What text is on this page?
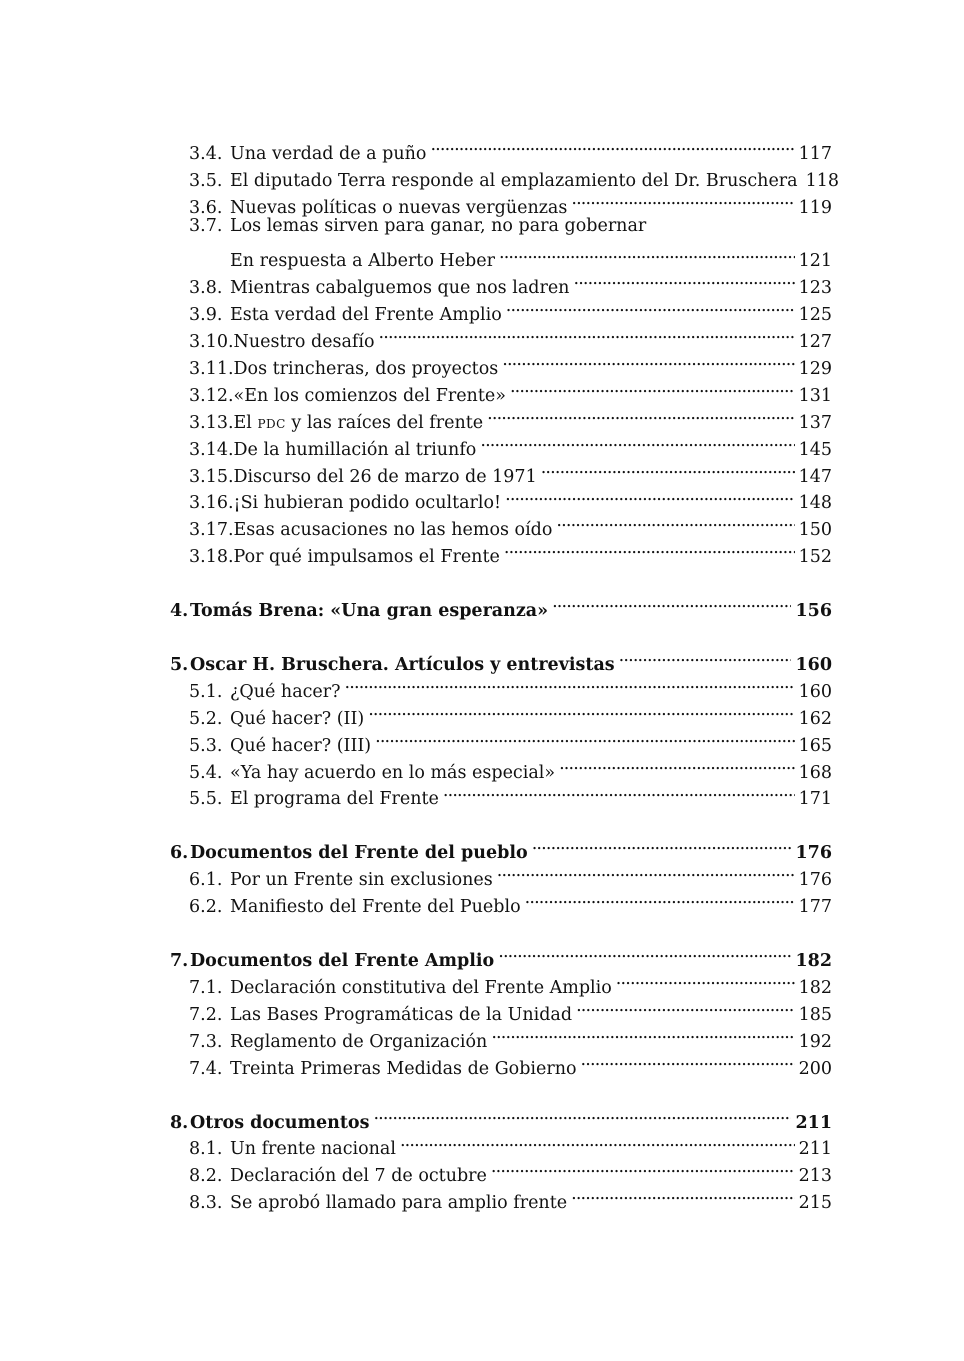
3.4. Una verdad de a puño . . .	117
3.5. El diputado Terra responde al emplazamiento del Dr. Bruschera 118
3.6. Nuevas políticas o nuevas vergüenzas . . .	119
3.7. Los lemas sirven para ganar, no para gobernar
En respuesta a Alberto Heber . . .	121
3.8. Mientras cabalguemos que nos ladren . . .	123
3.9. Esta verdad del Frente Amplio . . .	125
3.10. Nuestro desafío . . .	127
3.11. Dos trincheras, dos proyectos . . .	129
3.12. «En los comienzos del Frente» . . .	131
3.13. El PDC y las raíces del frente . . .	137
3.14. De la humillación al triunfo . . .	145
3.15. Discurso del 26 de marzo de 1971 . . .	147
3.16. ¡Si hubieran podido ocultarlo! . . .	148
3.17. Esas acusaciones no las hemos oído . . .	150
3.18. Por qué impulsamos el Frente . . .	152
4. Tomás Brena: «Una gran esperanza» . . .	156
5. Oscar H. Bruschera. Artículos y entrevistas . . .	160
5.1. ¿Qué hacer? . . .	160
5.2. Qué hacer? (II) . . .	162
5.3. Qué hacer? (III) . . .	165
5.4. «Ya hay acuerdo en lo más especial» . . .	168
5.5. El programa del Frente . . .	171
6. Documentos del Frente del pueblo . . .	176
6.1. Por un Frente sin exclusiones . . .	176
6.2. Manifiesto del Frente del Pueblo . . .	177
7. Documentos del Frente Amplio . . .	182
7.1. Declaración constitutiva del Frente Amplio . . .	182
7.2. Las Bases Programáticas de la Unidad . . .	185
7.3. Reglamento de Organización . . .	192
7.4. Treinta Primeras Medidas de Gobierno . . .	200
8. Otros documentos . . .	211
8.1. Un frente nacional . . .	211
8.2. Declaración del 7 de octubre . . .	213
8.3. Se aprobó llamado para amplio frente . . .	215
